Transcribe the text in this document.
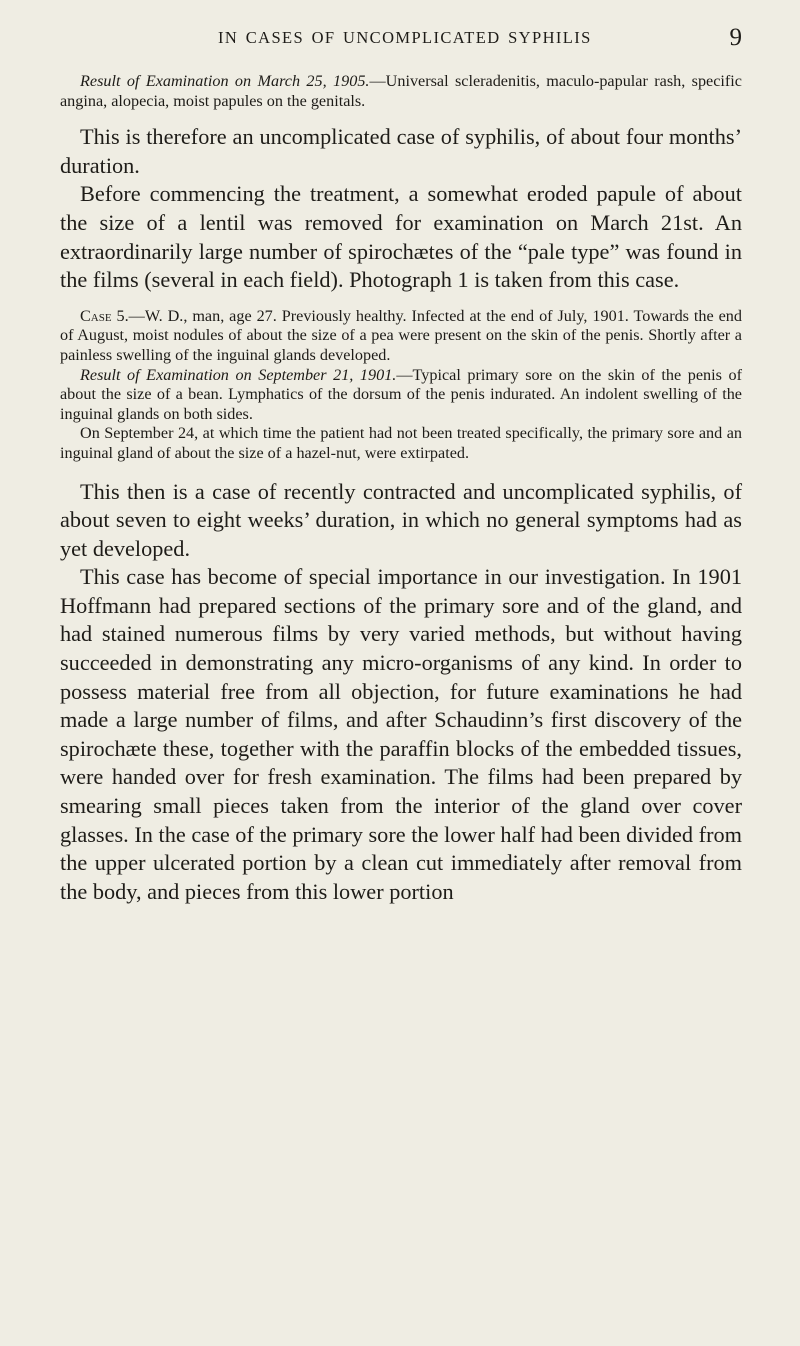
IN CASES OF UNCOMPLICATED SYPHILIS	9

Result of Examination on March 25, 1905.—Universal scleradenitis, maculo-papular rash, specific angina, alopecia, moist papules on the genitals.

This is therefore an uncomplicated case of syphilis, of about four months’ duration.

Before commencing the treatment, a somewhat eroded papule of about the size of a lentil was removed for examination on March 21st. An extraordinarily large number of spirochætes of the “pale type” was found in the films (several in each field). Photograph 1 is taken from this case.

Case 5.—W. D., man, age 27. Previously healthy. Infected at the end of July, 1901. Towards the end of August, moist nodules of about the size of a pea were present on the skin of the penis. Shortly after a painless swelling of the inguinal glands developed.

Result of Examination on September 21, 1901.—Typical primary sore on the skin of the penis of about the size of a bean. Lymphatics of the dorsum of the penis indurated. An indolent swelling of the inguinal glands on both sides.

On September 24, at which time the patient had not been treated specifically, the primary sore and an inguinal gland of about the size of a hazel-nut, were extirpated.

This then is a case of recently contracted and uncomplicated syphilis, of about seven to eight weeks’ duration, in which no general symptoms had as yet developed.

This case has become of special importance in our investigation. In 1901 Hoffmann had prepared sections of the primary sore and of the gland, and had stained numerous films by very varied methods, but without having succeeded in demonstrating any micro-organisms of any kind. In order to possess material free from all objection, for future examinations he had made a large number of films, and after Schaudinn’s first discovery of the spirochæte these, together with the paraffin blocks of the embedded tissues, were handed over for fresh examination. The films had been prepared by smearing small pieces taken from the interior of the gland over cover glasses. In the case of the primary sore the lower half had been divided from the upper ulcerated portion by a clean cut immediately after removal from the body, and pieces from this lower portion
